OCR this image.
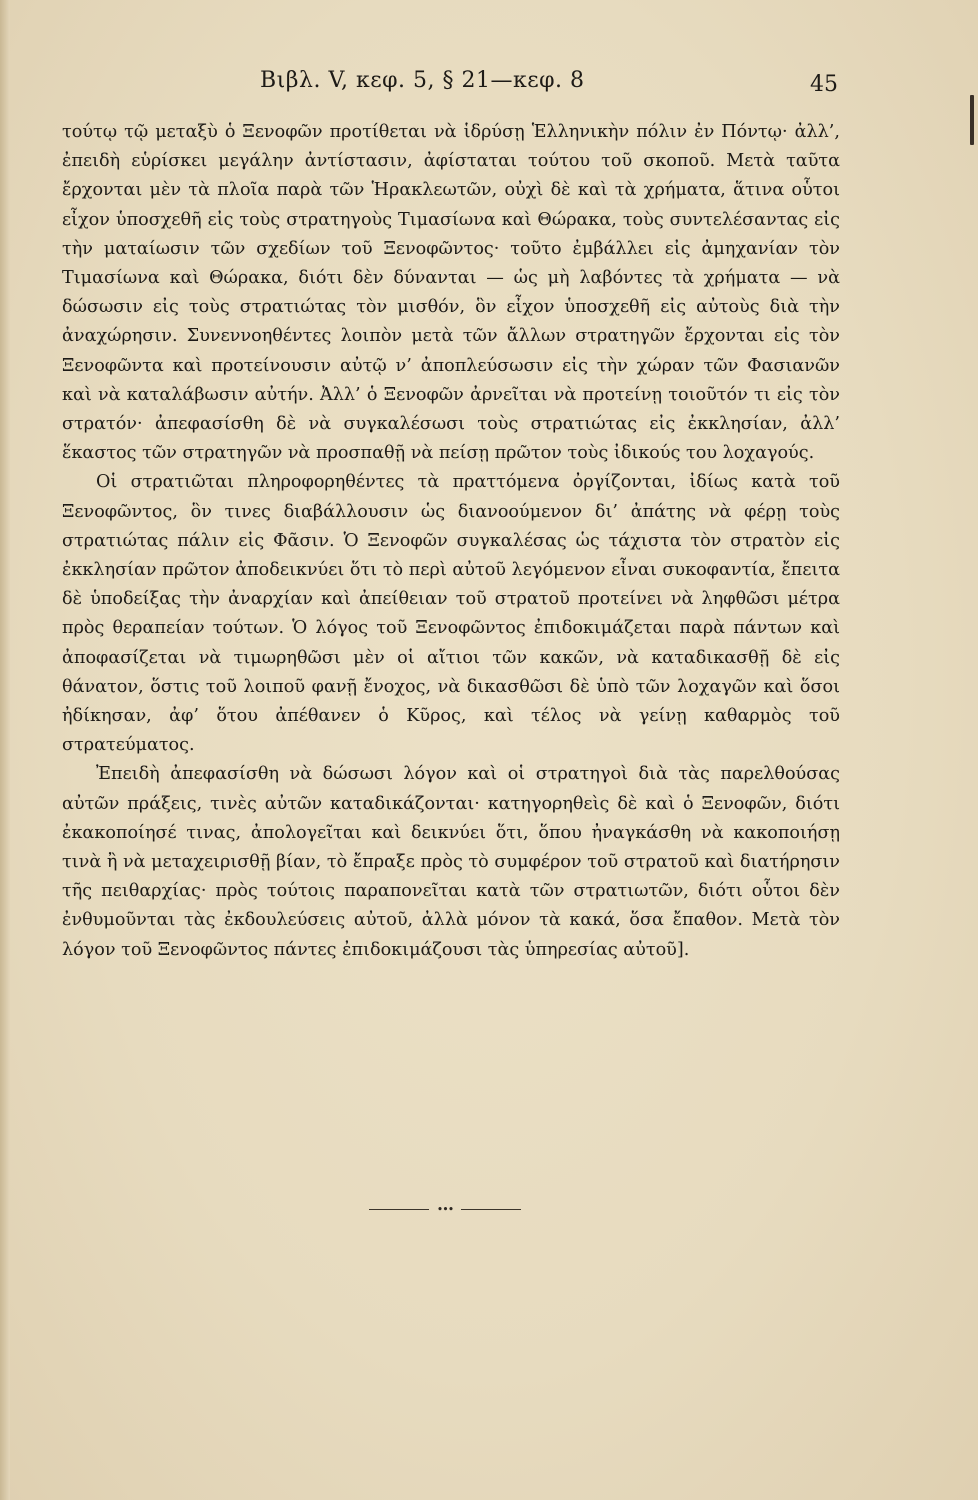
Βιβλ. V, κεφ. 5, § 21—κεφ. 8	45

τούτῳ τῷ μεταξὺ ὁ Ξενοφῶν προτίθεται νὰ ἱδρύσῃ Ἑλληνικὴν πόλιν ἐν Πόντῳ· ἀλλ’, ἐπειδὴ εὑρίσκει μεγάλην ἀντίστασιν, ἀφίσταται τούτου τοῦ σκοποῦ. Μετὰ ταῦτα ἔρχονται μὲν τὰ πλοῖα παρὰ τῶν Ἡρακλεωτῶν, οὐχὶ δὲ καὶ τὰ χρήματα, ἅτινα οὗτοι εἶχον ὑποσχεθῆ εἰς τοὺς στρατηγοὺς Τιμασίωνα καὶ Θώρακα, τοὺς συντελέσαντας εἰς τὴν ματαίωσιν τῶν σχεδίων τοῦ Ξενοφῶντος· τοῦτο ἐμβάλλει εἰς ἀμηχανίαν τὸν Τιμασίωνα καὶ Θώρακα, διότι δὲν δύνανται — ὡς μὴ λαβόντες τὰ χρήματα — νὰ δώσωσιν εἰς τοὺς στρατιώτας τὸν μισθόν, ὃν εἶχον ὑποσχεθῆ εἰς αὐτοὺς διὰ τὴν ἀναχώρησιν. Συνεννοηθέντες λοιπὸν μετὰ τῶν ἄλλων στρατηγῶν ἔρχονται εἰς τὸν Ξενοφῶντα καὶ προτείνουσιν αὐτῷ ν’ ἀποπλεύσωσιν εἰς τὴν χώραν τῶν Φασιανῶν καὶ νὰ καταλάβωσιν αὐτήν. Ἀλλ’ ὁ Ξενοφῶν ἀρνεῖται νὰ προτείνῃ τοιοῦτόν τι εἰς τὸν στρατόν· ἀπεφασίσθη δὲ νὰ συγκαλέσωσι τοὺς στρατιώτας εἰς ἐκκλησίαν, ἀλλ’ ἕκαστος τῶν στρατηγῶν νὰ προσπαθῇ νὰ πείσῃ πρῶτον τοὺς ἰδικούς του λοχαγούς.

Οἱ στρατιῶται πληροφορηθέντες τὰ πραττόμενα ὀργίζονται, ἰδίως κατὰ τοῦ Ξενοφῶντος, ὃν τινες διαβάλλουσιν ὡς διανοούμενον δι’ ἀπάτης νὰ φέρῃ τοὺς στρατιώτας πάλιν εἰς Φᾶσιν. Ὁ Ξενοφῶν συγκαλέσας ὡς τάχιστα τὸν στρατὸν εἰς ἐκκλησίαν πρῶτον ἀποδεικνύει ὅτι τὸ περὶ αὐτοῦ λεγόμενον εἶναι συκοφαντία, ἔπειτα δὲ ὑποδείξας τὴν ἀναρχίαν καὶ ἀπείθειαν τοῦ στρατοῦ προτείνει νὰ ληφθῶσι μέτρα πρὸς θεραπείαν τούτων. Ὁ λόγος τοῦ Ξενοφῶντος ἐπιδοκιμάζεται παρὰ πάντων καὶ ἀποφασίζεται νὰ τιμωρηθῶσι μὲν οἱ αἴτιοι τῶν κακῶν, νὰ καταδικασθῇ δὲ εἰς θάνατον, ὅστις τοῦ λοιποῦ φανῇ ἔνοχος, νὰ δικασθῶσι δὲ ὑπὸ τῶν λοχαγῶν καὶ ὅσοι ἠδίκησαν, ἀφ’ ὅτου ἀπέθανεν ὁ Κῦρος, καὶ τέλος νὰ γείνῃ καθαρμὸς τοῦ στρατεύματος.

Ἐπειδὴ ἀπεφασίσθη νὰ δώσωσι λόγον καὶ οἱ στρατηγοὶ διὰ τὰς παρελθούσας αὐτῶν πράξεις, τινὲς αὐτῶν καταδικάζονται· κατηγορηθεὶς δὲ καὶ ὁ Ξενοφῶν, διότι ἐκακοποίησέ τινας, ἀπολογεῖται καὶ δεικνύει ὅτι, ὅπου ἠναγκάσθη νὰ κακοποιήσῃ τινὰ ἢ νὰ μεταχειρισθῇ βίαν, τὸ ἔπραξε πρὸς τὸ συμφέρον τοῦ στρατοῦ καὶ διατήρησιν τῆς πειθαρχίας· πρὸς τούτοις παραπονεῖται κατὰ τῶν στρατιωτῶν, διότι οὗτοι δὲν ἐνθυμοῦνται τὰς ἐκδουλεύσεις αὐτοῦ, ἀλλὰ μόνον τὰ κακά, ὅσα ἔπαθον. Μετὰ τὸν λόγον τοῦ Ξενοφῶντος πάντες ἐπιδοκιμάζουσι τὰς ὑπηρεσίας αὐτοῦ].

•••
